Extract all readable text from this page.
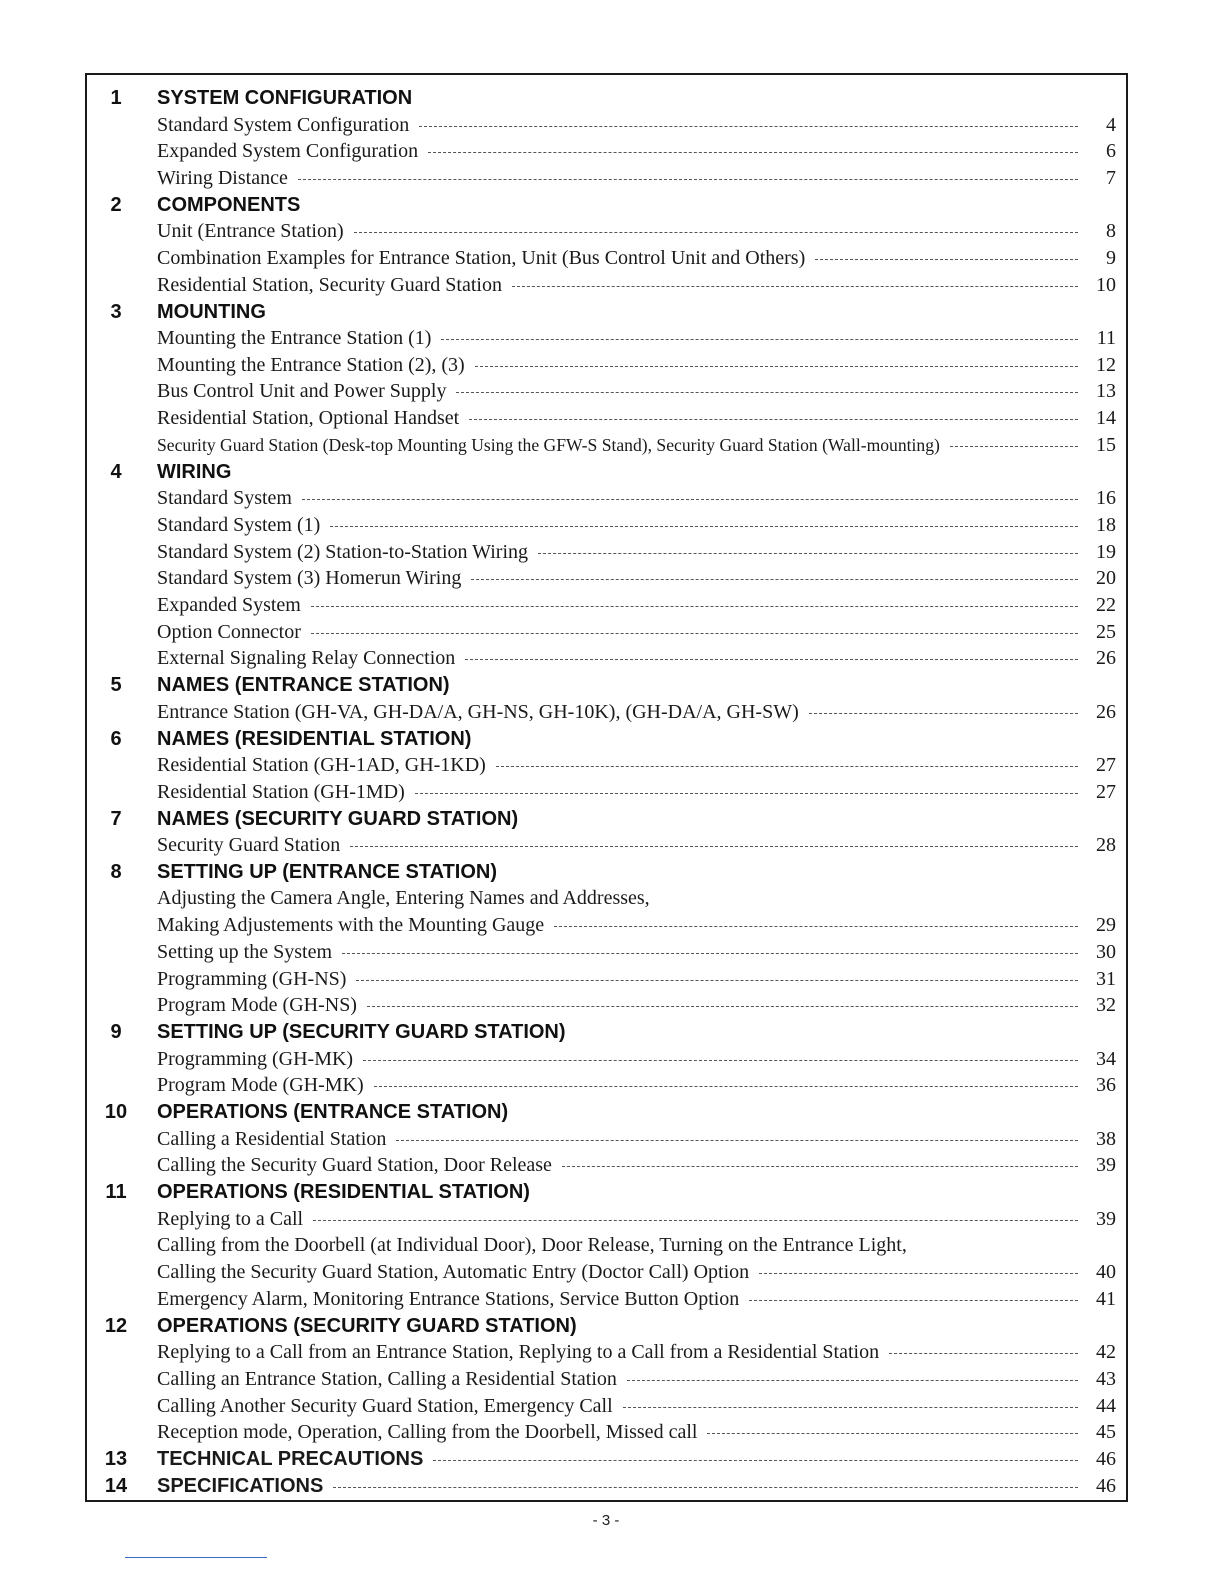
1	SYSTEM CONFIGURATION
Standard System Configuration	4
Expanded System Configuration	6
Wiring Distance	7
2	COMPONENTS
Unit (Entrance Station)	8
Combination Examples for Entrance Station, Unit (Bus Control Unit and Others)	9
Residential Station, Security Guard Station	10
3	MOUNTING
Mounting the Entrance Station (1)	11
Mounting the Entrance Station (2), (3)	12
Bus Control Unit and Power Supply	13
Residential Station, Optional Handset	14
Security Guard Station (Desk-top Mounting Using the GFW-S Stand), Security Guard Station (Wall-mounting)	15
4	WIRING
Standard System	16
Standard System (1)	18
Standard System (2) Station-to-Station Wiring	19
Standard System (3) Homerun Wiring	20
Expanded System	22
Option Connector	25
External Signaling Relay Connection	26
5	NAMES (ENTRANCE STATION)
Entrance Station (GH-VA, GH-DA/A, GH-NS, GH-10K), (GH-DA/A, GH-SW)	26
6	NAMES (RESIDENTIAL STATION)
Residential Station (GH-1AD, GH-1KD)	27
Residential Station (GH-1MD)	27
7	NAMES (SECURITY GUARD STATION)
Security Guard Station	28
8	SETTING UP (ENTRANCE STATION)
Adjusting the Camera Angle, Entering Names and Addresses,
Making Adjustements with the Mounting Gauge	29
Setting up the System	30
Programming (GH-NS)	31
Program Mode (GH-NS)	32
9	SETTING UP (SECURITY GUARD STATION)
Programming (GH-MK)	34
Program Mode (GH-MK)	36
10	OPERATIONS (ENTRANCE STATION)
Calling a Residential Station	38
Calling the Security Guard Station, Door Release	39
11	OPERATIONS (RESIDENTIAL STATION)
Replying to a Call	39
Calling from the Doorbell (at Individual Door), Door Release, Turning on the Entrance Light,
Calling the Security Guard Station, Automatic Entry (Doctor Call) Option	40
Emergency Alarm, Monitoring Entrance Stations, Service Button Option	41
12	OPERATIONS (SECURITY GUARD STATION)
Replying to a Call from an Entrance Station, Replying to a Call from a Residential Station	42
Calling an Entrance Station, Calling a Residential Station	43
Calling Another Security Guard Station, Emergency Call	44
Reception mode, Operation, Calling from the Doorbell, Missed call	45
13	TECHNICAL PRECAUTIONS	46
14	SPECIFICATIONS	46
- 3 -
